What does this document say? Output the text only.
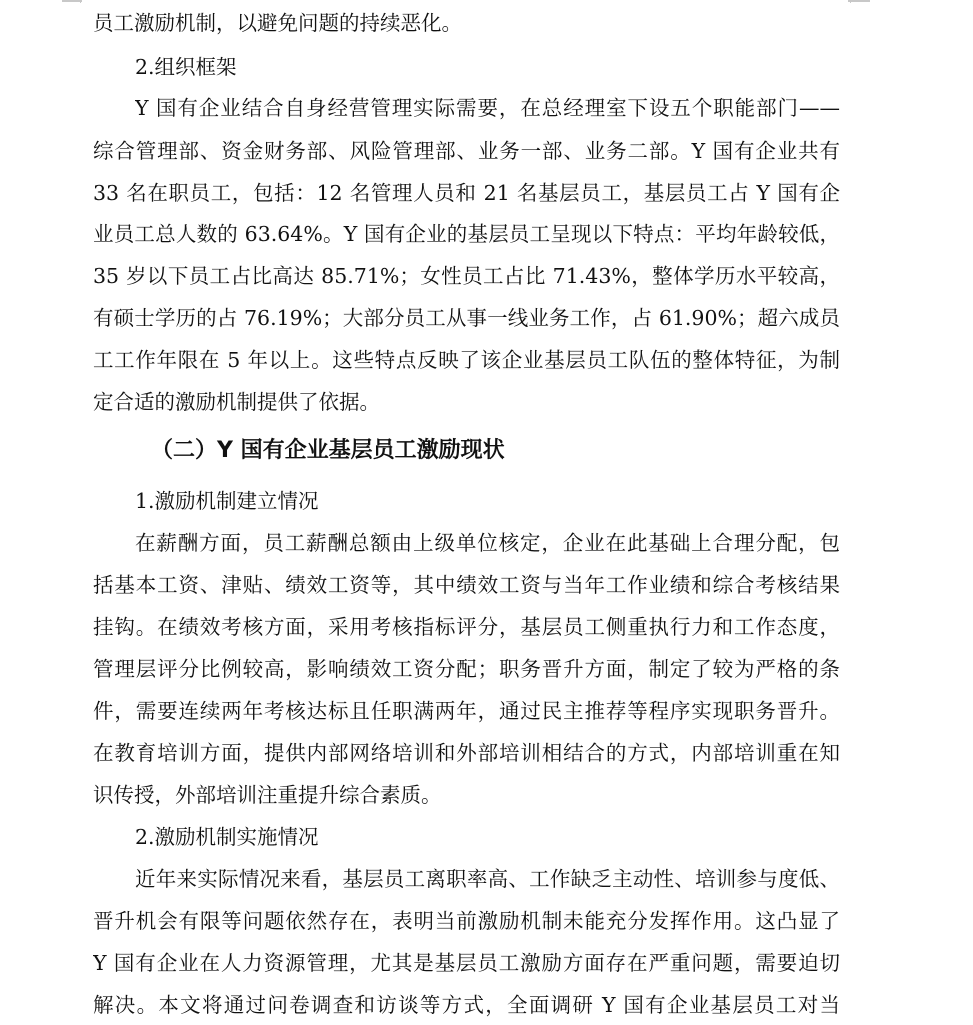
员工激励机制，以避免问题的持续恶化。
2.组织框架
Y 国有企业结合自身经营管理实际需要，在总经理室下设五个职能部门——
综合管理部、资金财务部、风险管理部、业务一部、业务二部。Y 国有企业共有
33 名在职员工，包括：12 名管理人员和 21 名基层员工，基层员工占 Y 国有企
业员工总人数的 63.64%。Y 国有企业的基层员工呈现以下特点：平均年龄较低，
35 岁以下员工占比高达 85.71%；女性员工占比 71.43%，整体学历水平较高，
有硕士学历的占 76.19%；大部分员工从事一线业务工作，占 61.90%；超六成员
工工作年限在 5 年以上。这些特点反映了该企业基层员工队伍的整体特征，为制
定合适的激励机制提供了依据。
（二）Y 国有企业基层员工激励现状
1.激励机制建立情况
在薪酬方面，员工薪酬总额由上级单位核定，企业在此基础上合理分配，包
括基本工资、津贴、绩效工资等，其中绩效工资与当年工作业绩和综合考核结果
挂钩。在绩效考核方面，采用考核指标评分，基层员工侧重执行力和工作态度，
管理层评分比例较高，影响绩效工资分配；职务晋升方面，制定了较为严格的条
件，需要连续两年考核达标且任职满两年，通过民主推荐等程序实现职务晋升。
在教育培训方面，提供内部网络培训和外部培训相结合的方式，内部培训重在知
识传授，外部培训注重提升综合素质。
2.激励机制实施情况
近年来实际情况来看，基层员工离职率高、工作缺乏主动性、培训参与度低、
晋升机会有限等问题依然存在，表明当前激励机制未能充分发挥作用。这凸显了
Y 国有企业在人力资源管理，尤其是基层员工激励方面存在严重问题，需要迫切
解决。本文将通过问卷调查和访谈等方式，全面调研 Y 国有企业基层员工对当
